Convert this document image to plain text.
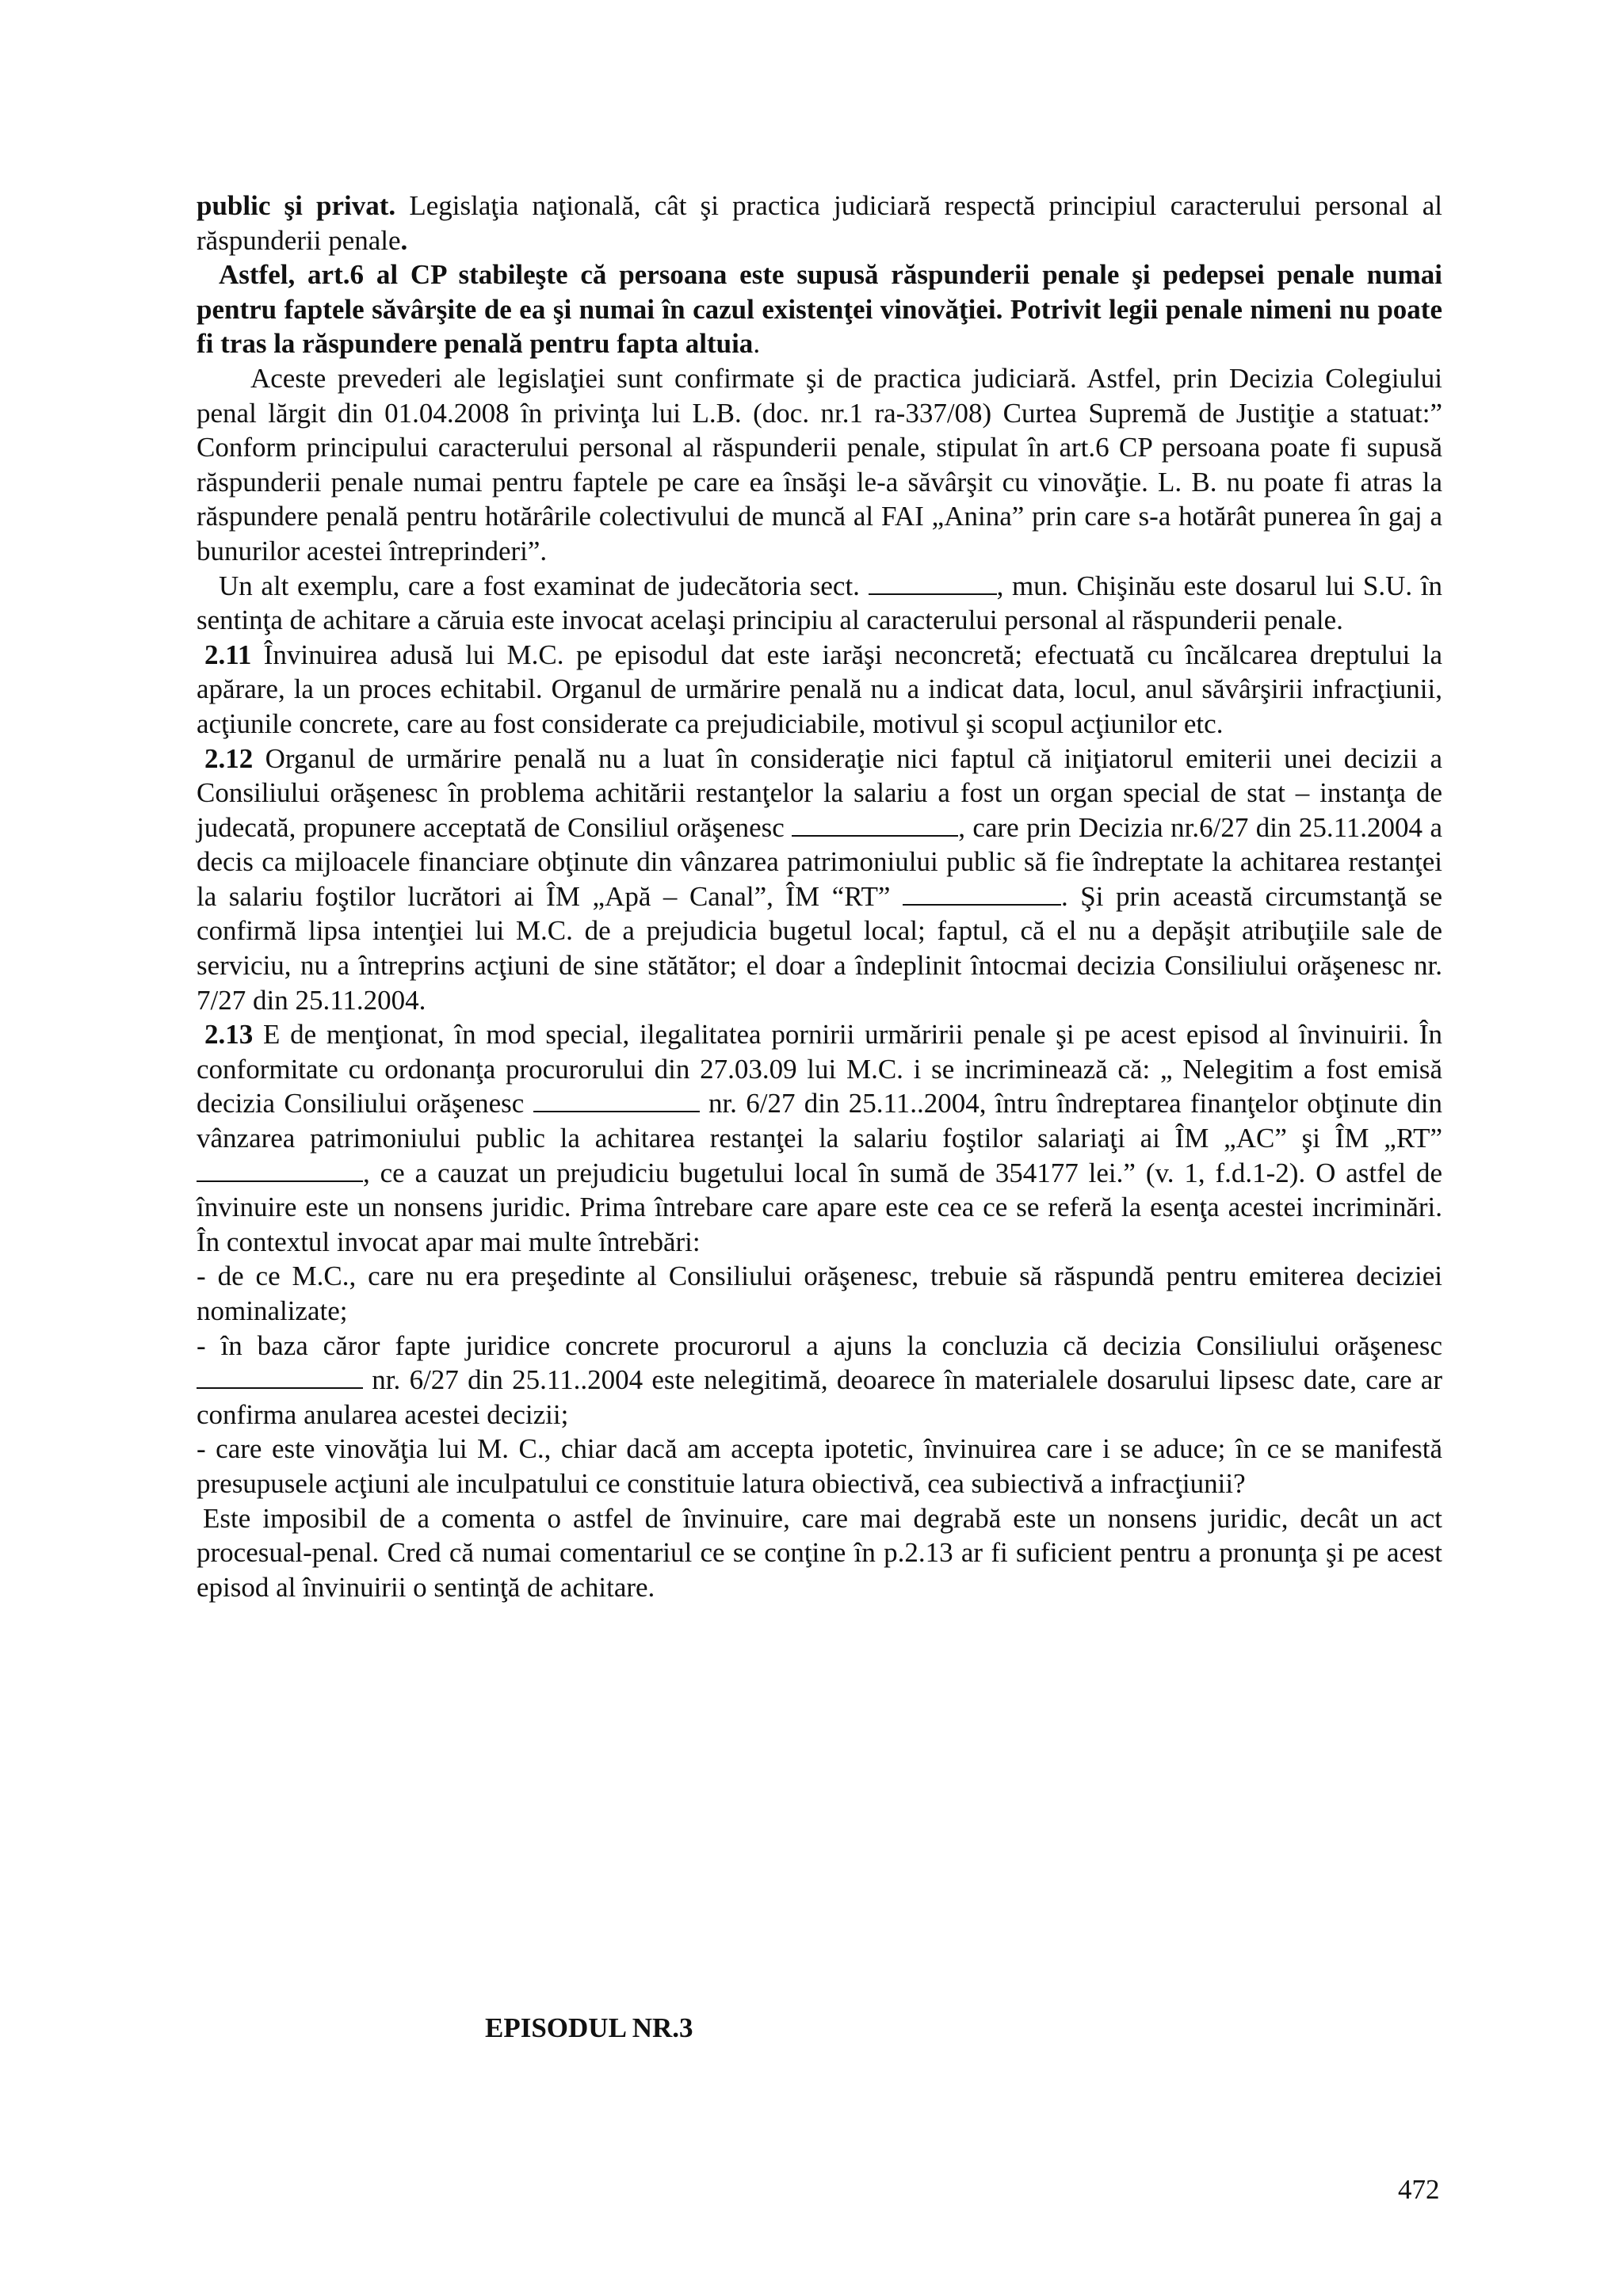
public şi privat. Legislaţia naţională, cât şi practica judiciară respectă principiul caracterului personal al răspunderii penale.

Astfel, art.6 al CP stabileşte că persoana este supusă răspunderii penale şi pedepsei penale numai pentru faptele săvârşite de ea şi numai în cazul existenţei vinovăţiei. Potrivit legii penale nimeni nu poate fi tras la răspundere penală pentru fapta altuia.

Aceste prevederi ale legislaţiei sunt confirmate şi de practica judiciară. Astfel, prin Decizia Colegiului penal lărgit din 01.04.2008 în privinţa lui L.B. (doc. nr.1 ra-337/08) Curtea Supremă de Justiţie a statuat:” Conform principului caracterului personal al răspunderii penale, stipulat în art.6 CP persoana poate fi supusă răspunderii penale numai pentru faptele pe care ea însăşi le-a săvârşit cu vinovăţie. L. B. nu poate fi atras la răspundere penală pentru hotărârile colectivului de muncă al FAI „Anina” prin care s-a hotărât punerea în gaj a bunurilor acestei întreprinderi”.

Un alt exemplu, care a fost examinat de judecătoria sect.	, mun. Chişinău este dosarul lui S.U. în sentinţa de achitare a căruia este invocat acelaşi principiu al caracterului personal al răspunderii penale.

2.11 Învinuirea adusă lui M.C. pe episodul dat este iarăşi neconcretă; efectuată cu încălcarea dreptului la apărare, la un proces echitabil. Organul de urmărire penală nu a indicat data, locul, anul săvârşirii infracţiunii, acţiunile concrete, care au fost considerate ca prejudiciabile, motivul şi scopul acţiunilor etc.

2.12 Organul de urmărire penală nu a luat în consideraţie nici faptul că iniţiatorul emiterii unei decizii a Consiliului orăşenesc în problema achitării restanţelor la salariu a fost un organ special de stat – instanţa de judecată, propunere acceptată de Consiliul orăşenesc	, care prin Decizia nr.6/27 din 25.11.2004 a decis ca mijloacele financiare obţinute din vânzarea patrimoniului public să fie îndreptate la achitarea restanţei la salariu foştilor lucrători ai ÎM „Apă – Canal”, ÎM “RT”	. Şi prin această circumstanţă se confirmă lipsa intenţiei lui M.C. de a prejudicia bugetul local; faptul, că el nu a depăşit atribuţiile sale de serviciu, nu a întreprins acţiuni de sine stătător; el doar a îndeplinit întocmai decizia Consiliului orăşenesc nr. 7/27 din 25.11.2004.

2.13 E de menţionat, în mod special, ilegalitatea pornirii urmăririi penale şi pe acest episod al învinuirii. În conformitate cu ordonanţa procurorului din 27.03.09 lui M.C. i se incriminează că: „ Nelegitim a fost emisă decizia Consiliului orăşenesc	nr. 6/27 din 25.11..2004, întru îndreptarea finanţelor obţinute din vânzarea patrimoniului public la achitarea restanţei la salariu foştilor salariaţi ai ÎM „AC” şi ÎM „RT” , ce a cauzat un prejudiciu bugetului local în sumă de 354177 lei.” (v. 1, f.d.1-2). O astfel de învinuire este un nonsens juridic. Prima întrebare care apare este cea ce se referă la esenţa acestei incriminări. În contextul invocat apar mai multe întrebări:

- de ce M.C., care nu era preşedinte al Consiliului orăşenesc, trebuie să răspundă pentru emiterea deciziei nominalizate;

- în baza căror fapte juridice concrete procurorul a ajuns la concluzia că decizia Consiliului orăşenesc  nr. 6/27 din 25.11..2004 este nelegitimă, deoarece în materialele dosarului lipsesc date, care ar confirma anularea acestei decizii;

- care este vinovăţia lui M. C., chiar dacă am accepta ipotetic, învinuirea care i se aduce; în ce se manifestă presupusele acţiuni ale inculpatului ce constituie latura obiectivă, cea subiectivă a infracţiunii?

Este imposibil de a comenta o astfel de învinuire, care mai degrabă este un nonsens juridic, decât un act procesual-penal. Cred că numai comentariul ce se conţine în p.2.13 ar fi suficient pentru a pronunţa şi pe acest episod al învinuirii o sentinţă de achitare.

EPISODUL NR.3
472
